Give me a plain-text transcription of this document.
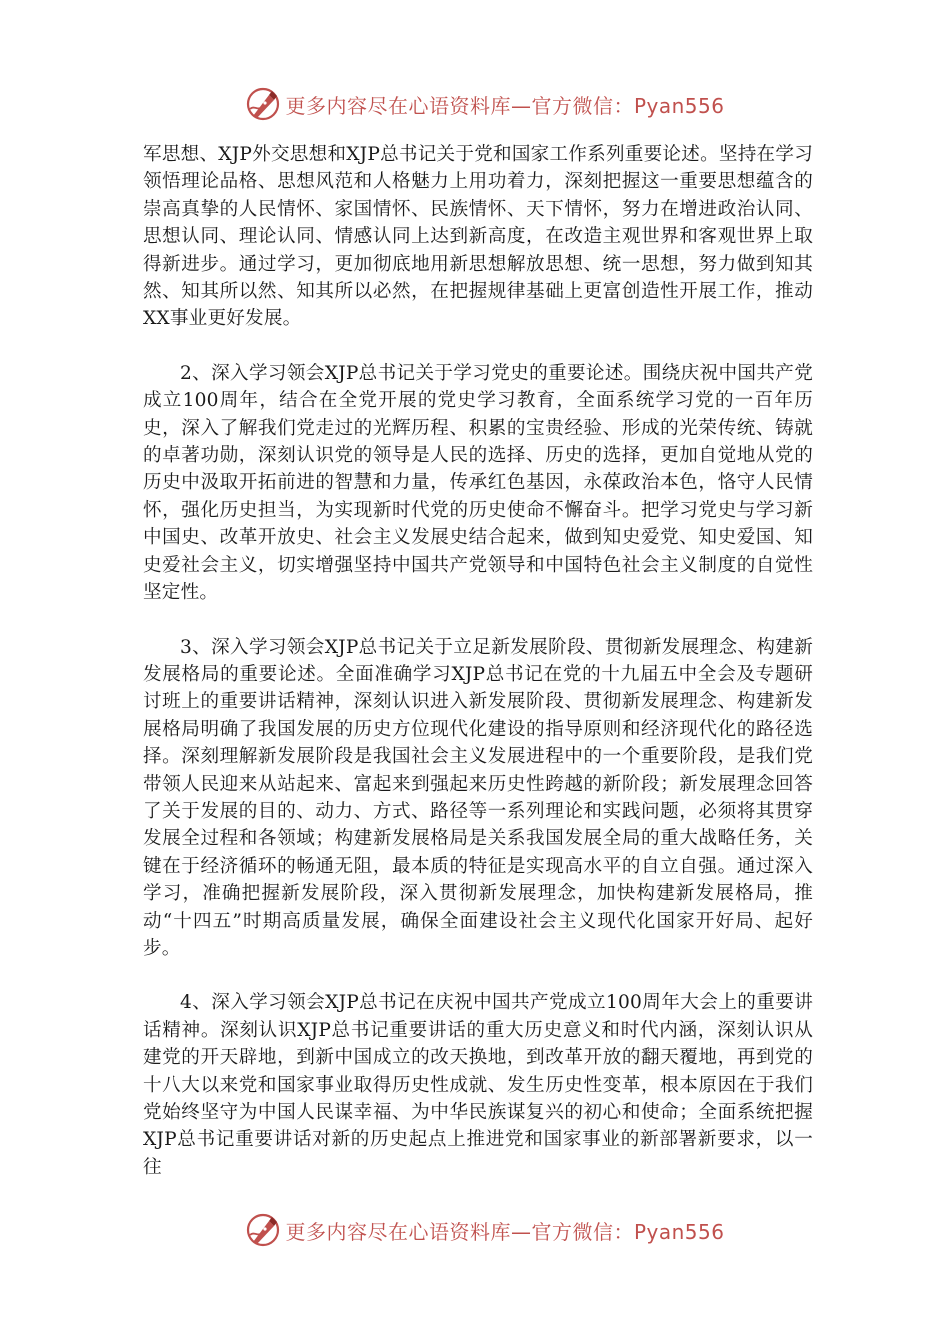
更多内容尽在心语资料库—官方微信：Pyan556

军思想、XJP外交思想和XJP总书记关于党和国家工作系列重要论述。坚持在学习领悟理论品格、思想风范和人格魅力上用功着力，深刻把握这一重要思想蕴含的崇高真挚的人民情怀、家国情怀、民族情怀、天下情怀，努力在增进政治认同、思想认同、理论认同、情感认同上达到新高度，在改造主观世界和客观世界上取得新进步。通过学习，更加彻底地用新思想解放思想、统一思想，努力做到知其然、知其所以然、知其所以必然，在把握规律基础上更富创造性开展工作，推动XX事业更好发展。

2、深入学习领会XJP总书记关于学习党史的重要论述。围绕庆祝中国共产党成立100周年，结合在全党开展的党史学习教育，全面系统学习党的一百年历史，深入了解我们党走过的光辉历程、积累的宝贵经验、形成的光荣传统、铸就的卓著功勋，深刻认识党的领导是人民的选择、历史的选择，更加自觉地从党的历史中汲取开拓前进的智慧和力量，传承红色基因，永葆政治本色，恪守人民情怀，强化历史担当，为实现新时代党的历史使命不懈奋斗。把学习党史与学习新中国史、改革开放史、社会主义发展史结合起来，做到知史爱党、知史爱国、知史爱社会主义，切实增强坚持中国共产党领导和中国特色社会主义制度的自觉性坚定性。

3、深入学习领会XJP总书记关于立足新发展阶段、贯彻新发展理念、构建新发展格局的重要论述。全面准确学习XJP总书记在党的十九届五中全会及专题研讨班上的重要讲话精神，深刻认识进入新发展阶段、贯彻新发展理念、构建新发展格局明确了我国发展的历史方位现代化建设的指导原则和经济现代化的路径选择。深刻理解新发展阶段是我国社会主义发展进程中的一个重要阶段，是我们党带领人民迎来从站起来、富起来到强起来历史性跨越的新阶段；新发展理念回答了关于发展的目的、动力、方式、路径等一系列理论和实践问题，必须将其贯穿发展全过程和各领域；构建新发展格局是关系我国发展全局的重大战略任务，关键在于经济循环的畅通无阻，最本质的特征是实现高水平的自立自强。通过深入学习，准确把握新发展阶段，深入贯彻新发展理念，加快构建新发展格局，推动“十四五”时期高质量发展，确保全面建设社会主义现代化国家开好局、起好步。

4、深入学习领会XJP总书记在庆祝中国共产党成立100周年大会上的重要讲话精神。深刻认识XJP总书记重要讲话的重大历史意义和时代内涵，深刻认识从建党的开天辟地，到新中国成立的改天换地，到改革开放的翻天覆地，再到党的十八大以来党和国家事业取得历史性成就、发生历史性变革，根本原因在于我们党始终坚守为中国人民谋幸福、为中华民族谋复兴的初心和使命；全面系统把握XJP总书记重要讲话对新的历史起点上推进党和国家事业的新部署新要求，以一往

更多内容尽在心语资料库—官方微信：Pyan556
